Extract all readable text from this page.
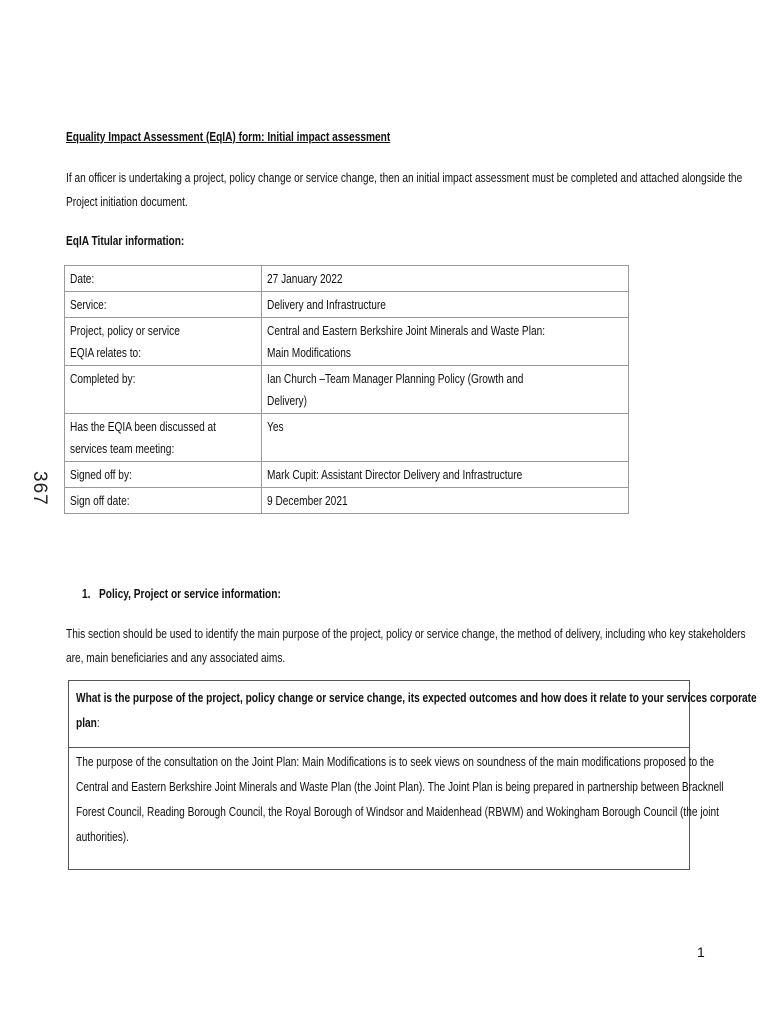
367
Equality Impact Assessment (EqIA) form: Initial impact assessment
If an officer is undertaking a project, policy change or service change, then an initial impact assessment must be completed and attached alongside the
Project initiation document.
EqIA Titular information:
Date:	27 January 2022
Service:	Delivery and Infrastructure
Project, policy or service
EQIA relates to:	Central and Eastern Berkshire Joint Minerals and Waste Plan:
Main Modifications
Completed by:	Ian Church –Team Manager Planning Policy (Growth and
Delivery)
Has the EQIA been discussed at
services team meeting:	Yes
Signed off by:	Mark Cupit: Assistant Director Delivery and Infrastructure
Sign off date:	9 December 2021
1. Policy, Project or service information:
This section should be used to identify the main purpose of the project, policy or service change, the method of delivery, including who key stakeholders
are, main beneficiaries and any associated aims.
What is the purpose of the project, policy change or service change, its expected outcomes and how does it relate to your services corporate
plan:
The purpose of the consultation on the Joint Plan: Main Modifications is to seek views on soundness of the main modifications proposed to the
Central and Eastern Berkshire Joint Minerals and Waste Plan (the Joint Plan). The Joint Plan is being prepared in partnership between Bracknell
Forest Council, Reading Borough Council, the Royal Borough of Windsor and Maidenhead (RBWM) and Wokingham Borough Council (the joint
authorities).
1
